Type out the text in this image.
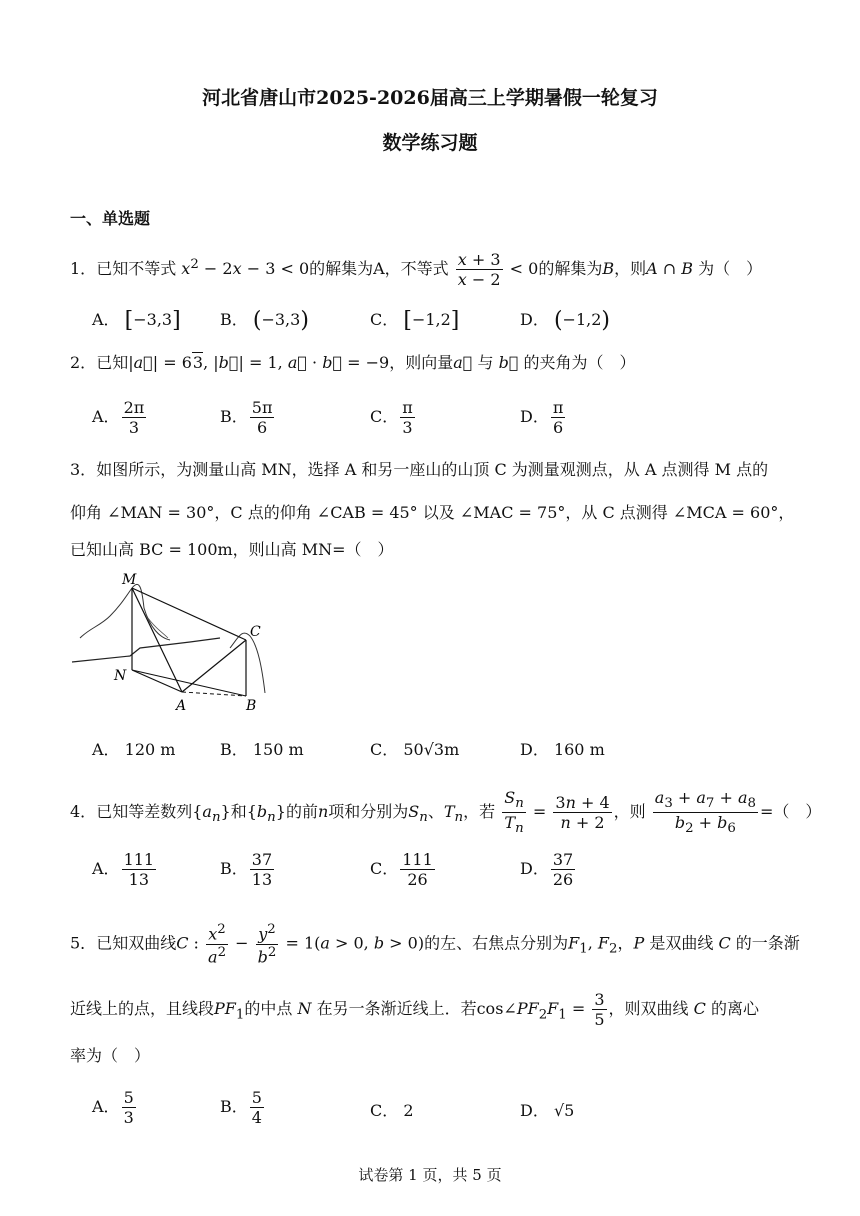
河北省唐山市2025-2026届高三上学期暑假一轮复习
数学练习题
一、单选题
1．已知不等式 $x^2 - 2x - 3 < 0$的解集为A，不等式 $\frac{x + 3}{x - 2} < 0$的解集为B，则A ∩ B 为（　）
A． [−3,3] B． (−3,3)	C． [−1,2]	D． (−1,2)
2．已知|a⃗| = 63, |b⃗| = 1, a⃗ · b⃗ = −9，则向量a⃗ 与 b⃗ 的夹角为（　）
A． $\frac{2\pi}{3}$	B． $\frac{5\pi}{6}$	C． $\frac{\pi}{3}$	D． $\frac{\pi}{6}$
3．如图所示，为测量山高 MN，选择 A 和另一座山的山顶 C 为测量观测点，从 A 点测得 M 点的
仰角 ∠MAN = 30°，C 点的仰角 ∠CAB = 45° 以及 ∠MAC = 75°，从 C 点测得 ∠MCA = 60°，
已知山高 BC = 100m，则山高 MN=（　）
M
N
A	B
C
A． 120 m	B． 150 m	C． 50√3m	D． 160 m
4．已知等差数列$\{a_n\}$和$\{b_n\}$的前n项和分别为$S_n$、$T_n$，若 $\frac{S_n}{T_n} = \frac{3n + 4}{n + 2}$ ，则 $\frac{a_3 + a_7 + a_8}{b_2 + b_6}$ =（　）
A． $\frac{111}{13}$	B． $\frac{37}{13}$	C． $\frac{111}{26}$	D． $\frac{37}{26}$
5．已知双曲线C : $\frac{x^2}{a^2} - \frac{y^2}{b^2} = 1(a > 0$, b > 0)的左、右焦点分别为$F_1$, $F_2$，P 是双曲线 C 的一条渐
近线上的点，且线段$PF_1$的中点 N 在另一条渐近线上．若$\cos\angle PF_2F_1 = \frac{3}{5}$ ，则双曲线 C 的离心
率为（　）
A． $\frac{5}{3}$	B． $\frac{5}{4}$	C． 2	D． √5
试卷第 1 页，共 5 页
